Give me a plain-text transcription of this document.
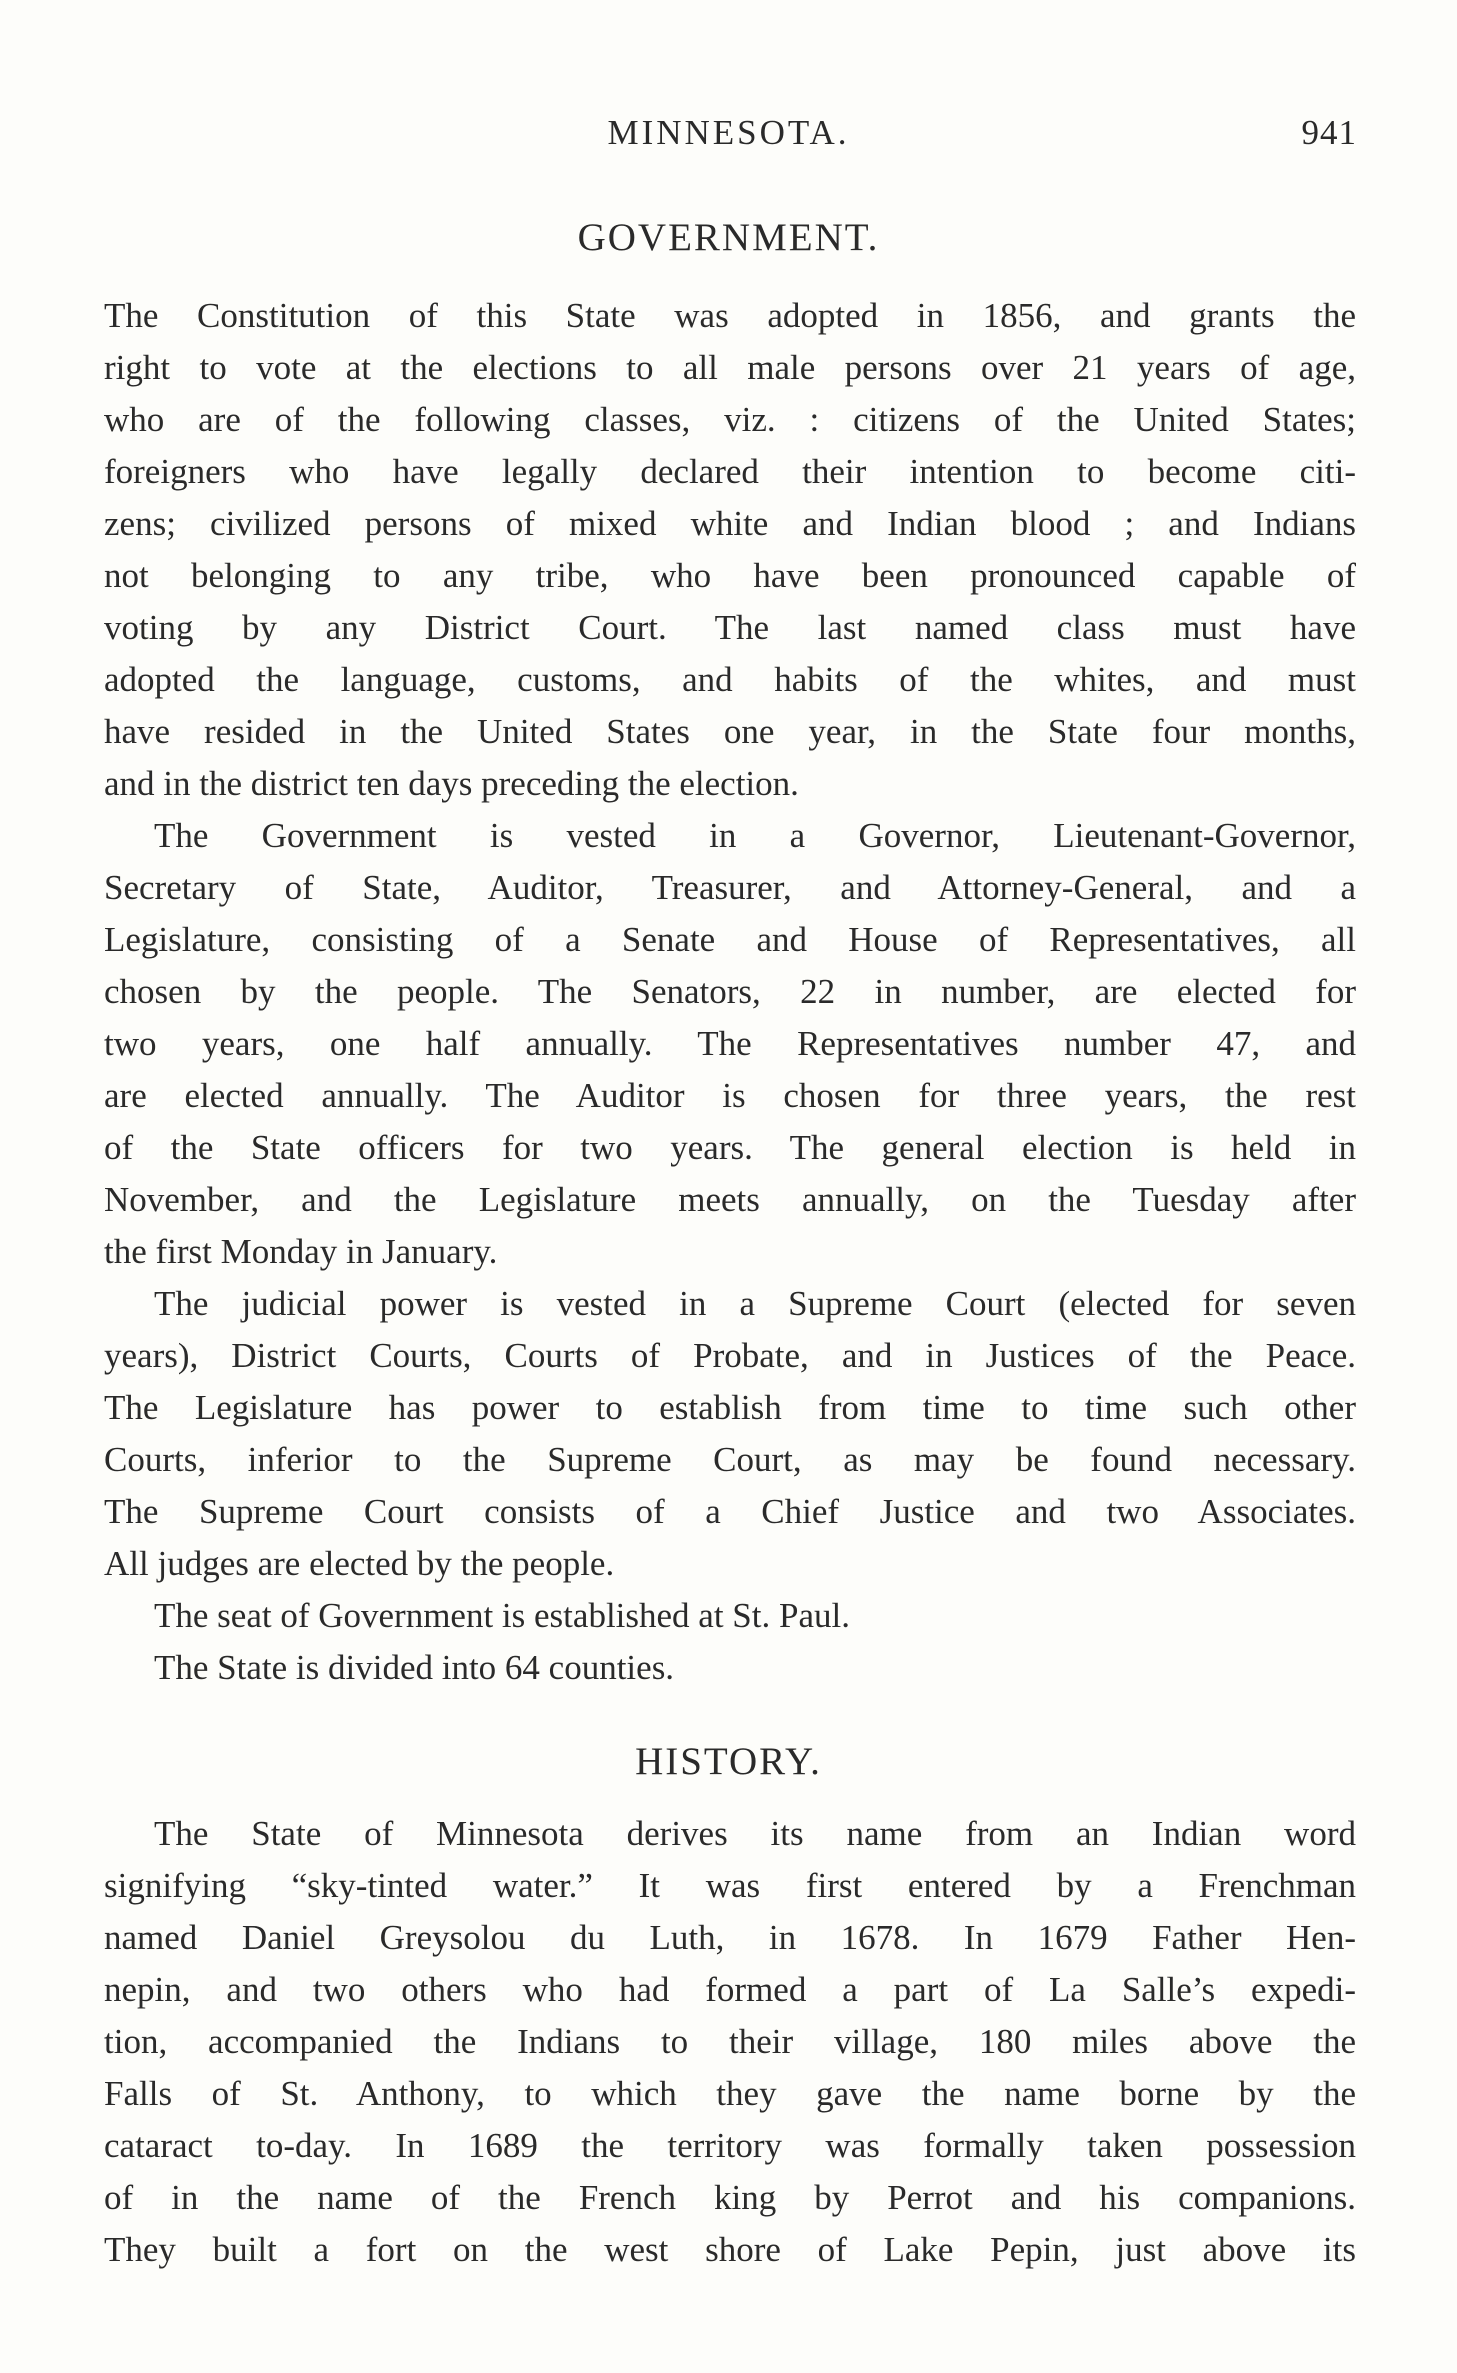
MINNESOTA.	941
GOVERNMENT.
The Constitution of this State was adopted in 1856, and grants the
right to vote at the elections to all male persons over 21 years of age,
who are of the following classes, viz. : citizens of the United States;
foreigners who have legally declared their intention to become citi-
zens; civilized persons of mixed white and Indian blood ; and Indians
not belonging to any tribe, who have been pronounced capable of
voting by any District Court. The last named class must have
adopted the language, customs, and habits of the whites, and must
have resided in the United States one year, in the State four months,
and in the district ten days preceding the election.
The Government is vested in a Governor, Lieutenant-Governor,
Secretary of State, Auditor, Treasurer, and Attorney-General, and a
Legislature, consisting of a Senate and House of Representatives, all
chosen by the people. The Senators, 22 in number, are elected for
two years, one half annually. The Representatives number 47, and
are elected annually. The Auditor is chosen for three years, the rest
of the State officers for two years. The general election is held in
November, and the Legislature meets annually, on the Tuesday after
the first Monday in January.
The judicial power is vested in a Supreme Court (elected for seven
years), District Courts, Courts of Probate, and in Justices of the Peace.
The Legislature has power to establish from time to time such other
Courts, inferior to the Supreme Court, as may be found necessary.
The Supreme Court consists of a Chief Justice and two Associates.
All judges are elected by the people.
The seat of Government is established at St. Paul.
The State is divided into 64 counties.
HISTORY.
The State of Minnesota derives its name from an Indian word
signifying “sky-tinted water.” It was first entered by a Frenchman
named Daniel Greysolou du Luth, in 1678. In 1679 Father Hen-
nepin, and two others who had formed a part of La Salle’s expedi-
tion, accompanied the Indians to their village, 180 miles above the
Falls of St. Anthony, to which they gave the name borne by the
cataract to-day. In 1689 the territory was formally taken possession
of in the name of the French king by Perrot and his companions.
They built a fort on the west shore of Lake Pepin, just above its
